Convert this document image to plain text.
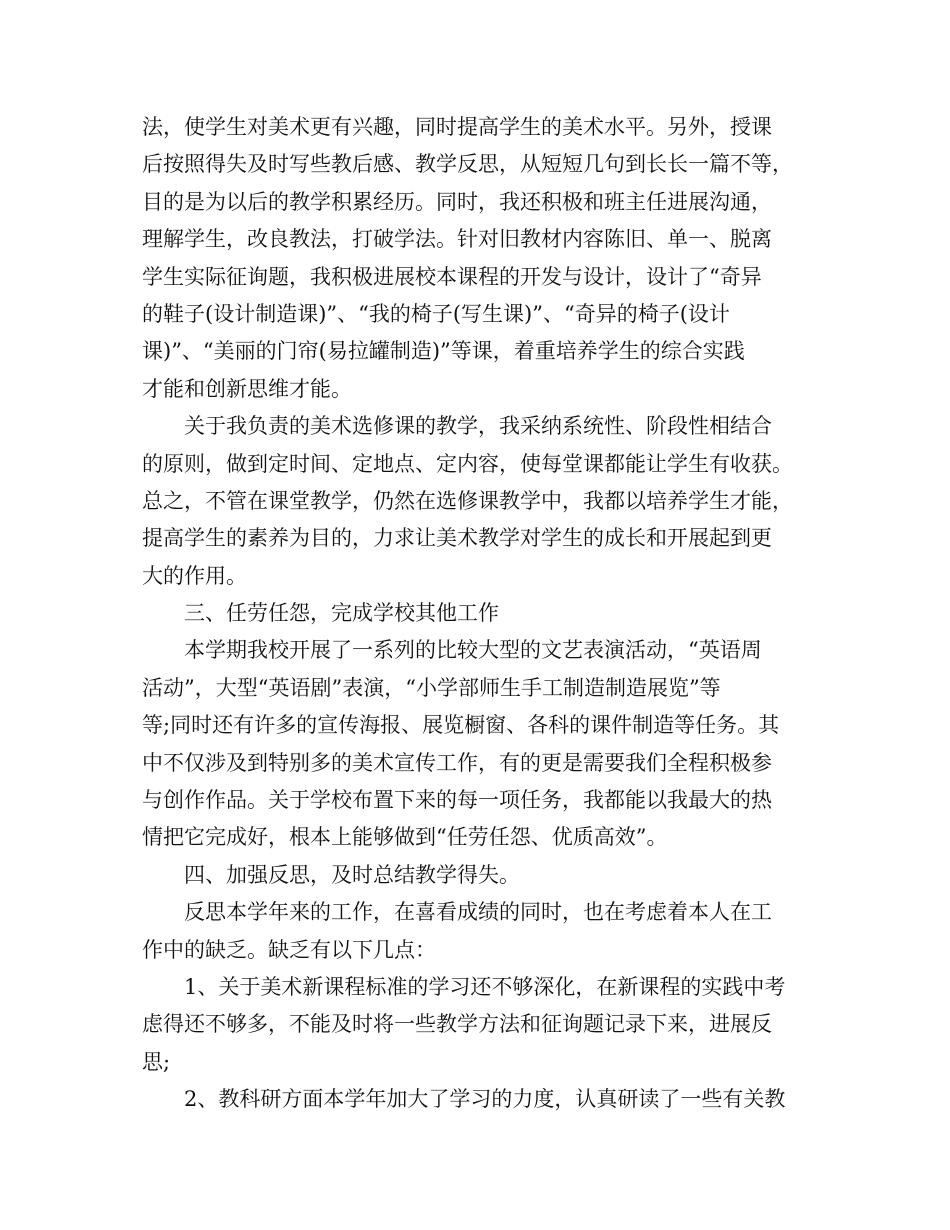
法，使学生对美术更有兴趣，同时提高学生的美术水平。另外，授课
后按照得失及时写些教后感、教学反思，从短短几句到长长一篇不等，
目的是为以后的教学积累经历。同时，我还积极和班主任进展沟通，
理解学生，改良教法，打破学法。针对旧教材内容陈旧、单一、脱离
学生实际征询题，我积极进展校本课程的开发与设计，设计了“奇异
的鞋子(设计制造课)”、“我的椅子(写生课)”、“奇异的椅子(设计
课)”、“美丽的门帘(易拉罐制造)”等课，着重培养学生的综合实践
才能和创新思维才能。
　　关于我负责的美术选修课的教学，我采纳系统性、阶段性相结合
的原则，做到定时间、定地点、定内容，使每堂课都能让学生有收获。
总之，不管在课堂教学，仍然在选修课教学中，我都以培养学生才能，
提高学生的素养为目的，力求让美术教学对学生的成长和开展起到更
大的作用。
　　三、任劳任怨，完成学校其他工作
　　本学期我校开展了一系列的比较大型的文艺表演活动，“英语周
活动”，大型“英语剧”表演，“小学部师生手工制造制造展览”等
等;同时还有许多的宣传海报、展览橱窗、各科的课件制造等任务。其
中不仅涉及到特别多的美术宣传工作，有的更是需要我们全程积极参
与创作作品。关于学校布置下来的每一项任务，我都能以我最大的热
情把它完成好，根本上能够做到“任劳任怨、优质高效”。
　　四、加强反思，及时总结教学得失。
　　反思本学年来的工作，在喜看成绩的同时，也在考虑着本人在工
作中的缺乏。缺乏有以下几点：
　　1、关于美术新课程标准的学习还不够深化，在新课程的实践中考
虑得还不够多，不能及时将一些教学方法和征询题记录下来，进展反
思;
　　2、教科研方面本学年加大了学习的力度，认真研读了一些有关教
